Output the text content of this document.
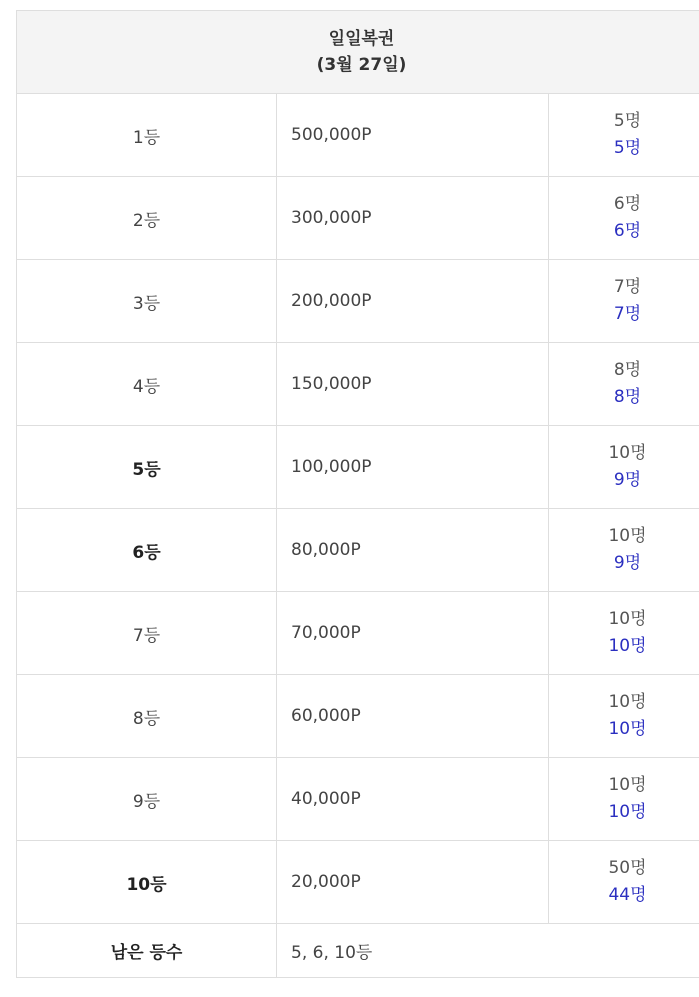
일일복권
(3월 27일)		

1등	500,000P	5명
5명

2등	300,000P	6명
6명

3등	200,000P	7명
7명

4등	150,000P	8명
8명

5등	100,000P	10명
9명

6등	80,000P	10명
9명

7등	70,000P	10명
10명

8등	60,000P	10명
10명

9등	40,000P	10명
10명

10등	20,000P	50명
44명

남은 등수	5, 6, 10등	
